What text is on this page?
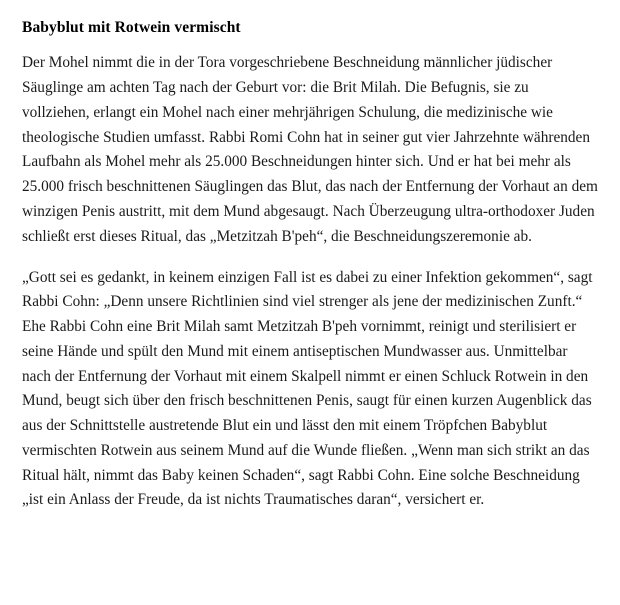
Babyblut mit Rotwein vermischt

Der Mohel nimmt die in der Tora vorgeschriebene Beschneidung männlicher jüdischer Säuglinge am achten Tag nach der Geburt vor: die Brit Milah. Die Befugnis, sie zu vollziehen, erlangt ein Mohel nach einer mehrjährigen Schulung, die medizinische wie theologische Studien umfasst. Rabbi Romi Cohn hat in seiner gut vier Jahrzehnte währenden Laufbahn als Mohel mehr als 25.000 Beschneidungen hinter sich. Und er hat bei mehr als 25.000 frisch beschnittenen Säuglingen das Blut, das nach der Entfernung der Vorhaut an dem winzigen Penis austritt, mit dem Mund abgesaugt. Nach Überzeugung ultra-orthodoxer Juden schließt erst dieses Ritual, das „Metzitzah B'peh“, die Beschneidungszeremonie ab.

„Gott sei es gedankt, in keinem einzigen Fall ist es dabei zu einer Infektion gekommen“, sagt Rabbi Cohn: „Denn unsere Richtlinien sind viel strenger als jene der medizinischen Zunft.“ Ehe Rabbi Cohn eine Brit Milah samt Metzitzah B'peh vornimmt, reinigt und sterilisiert er seine Hände und spült den Mund mit einem antiseptischen Mundwasser aus. Unmittelbar nach der Entfernung der Vorhaut mit einem Skalpell nimmt er einen Schluck Rotwein in den Mund, beugt sich über den frisch beschnittenen Penis, saugt für einen kurzen Augenblick das aus der Schnittstelle austretende Blut ein und lässt den mit einem Tröpfchen Babyblut vermischten Rotwein aus seinem Mund auf die Wunde fließen. „Wenn man sich strikt an das Ritual hält, nimmt das Baby keinen Schaden“, sagt Rabbi Cohn. Eine solche Beschneidung „ist ein Anlass der Freude, da ist nichts Traumatisches daran“, versichert er.
